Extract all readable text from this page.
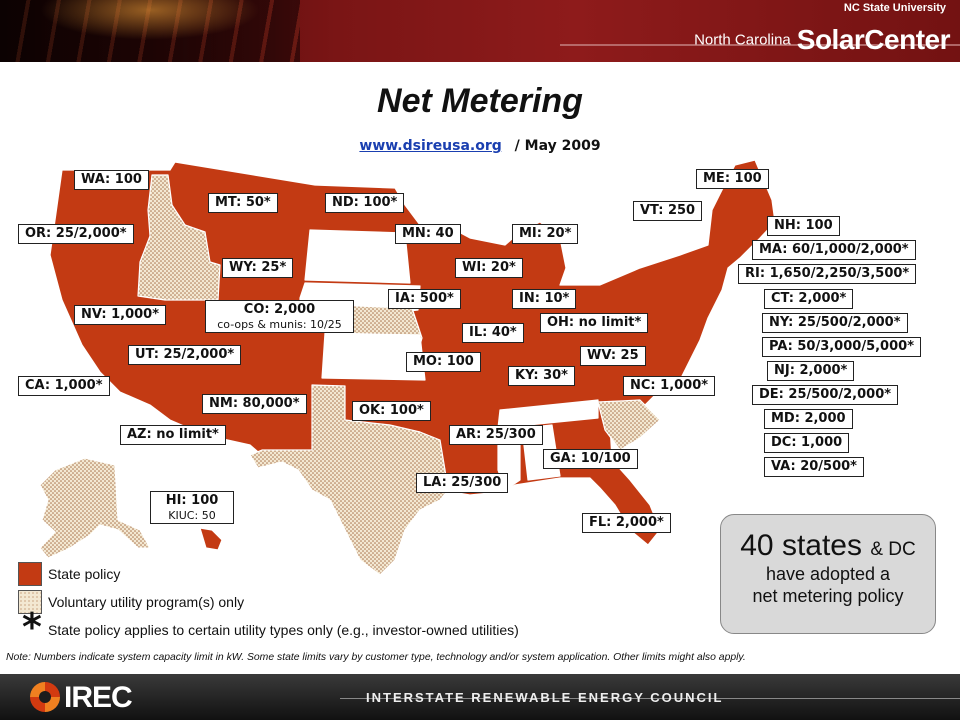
NC State University
North Carolina SolarCenter
Net Metering
www.dsireusa.org / May 2009
WA: 100
OR: 25/2,000*
MT: 50*	ND: 100*
WY: 25*
NV: 1,000*	CO: 2,000
co-ops & munis: 10/25
UT: 25/2,000*
CA: 1,000*
NM: 80,000*
AZ: no limit*
HI: 100
KIUC: 50
MN: 40	MI: 20*
WI: 20*
IA: 500*	IN: 10*
IL: 40*
OH: no limit*
MO: 100	WV: 25
KY: 30*
OK: 100*
NC: 1,000*
AR: 25/300
GA: 10/100
LA: 25/300
FL: 2,000*
ME: 100
VT: 250
NH: 100
MA: 60/1,000/2,000*
RI: 1,650/2,250/3,500*
CT: 2,000*
NY: 25/500/2,000*
PA: 50/3,000/5,000*
NJ: 2,000*
DE: 25/500/2,000*
MD: 2,000
DC: 1,000
VA: 20/500*
40 states & DC
have adopted a
net metering policy
State policy
Voluntary utility program(s) only
State policy applies to certain utility types only (e.g., investor-owned utilities)
*
Note: Numbers indicate system capacity limit in kW. Some state limits vary by customer type, technology and/or system application. Other limits might also apply.
IREC	INTERSTATE RENEWABLE ENERGY COUNCIL
